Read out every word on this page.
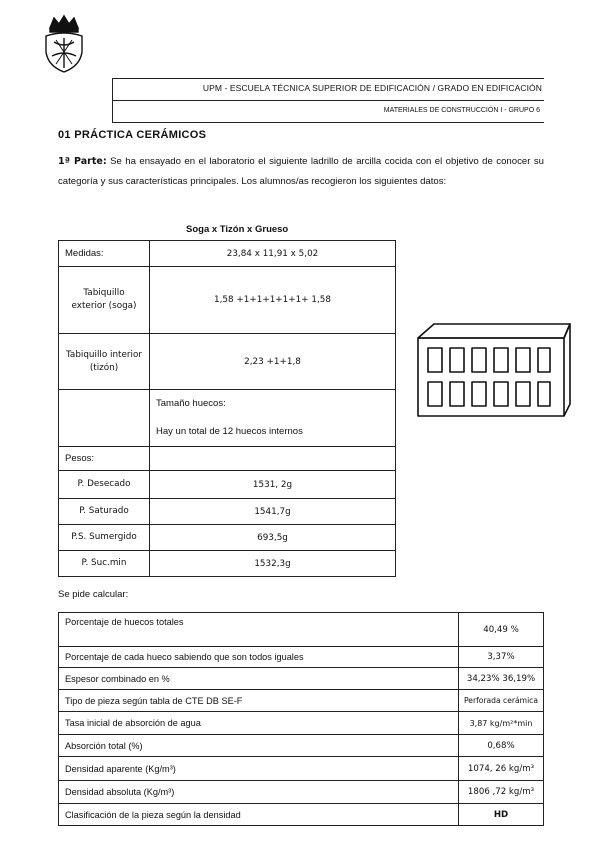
UPM - ESCUELA TÉCNICA SUPERIOR DE EDIFICACIÓN / GRADO EN EDIFICACIÓN
MATERIALES DE CONSTRUCCIÓN I - GRUPO 6
01 PRÁCTICA CERÁMICOS
1ª Parte: Se ha ensayado en el laboratorio el siguiente ladrillo de arcilla cocida con el objetivo de conocer su categoría y sus características principales. Los alumnos/as recogieron los siguientes datos:
Soga x Tizón x Grueso
Medidas:	23,84 x 11,91 x 5,02
Tabiquillo exterior (soga)	1,58 +1+1+1+1+1+ 1,58
Tabiquillo interior (tizón)	2,23 +1+1,8

	Tamaño huecos:
Hay un total de 12 huecos internos

Pesos:	
P. Desecado	1531, 2g
P. Saturado	1541,7g
P.S. Sumergido	693,5g
P. Suc.min	1532,3g
Se pide calcular:
Porcentaje de huecos totales	40,49 %
Porcentaje de cada hueco sabiendo que son todos iguales	3,37%
Espesor combinado en %	34,23% 36,19%
Tipo de pieza según tabla de CTE DB SE-F	Perforada cerámica
Tasa inicial de absorción de agua	3,87 kg/m²*min
Absorción total (%)	0,68%
Densidad aparente (Kg/m³)	1074, 26 kg/m³
Densidad absoluta (Kg/m³)	1806 ,72 kg/m³
Clasificación de la pieza según la densidad	HD
